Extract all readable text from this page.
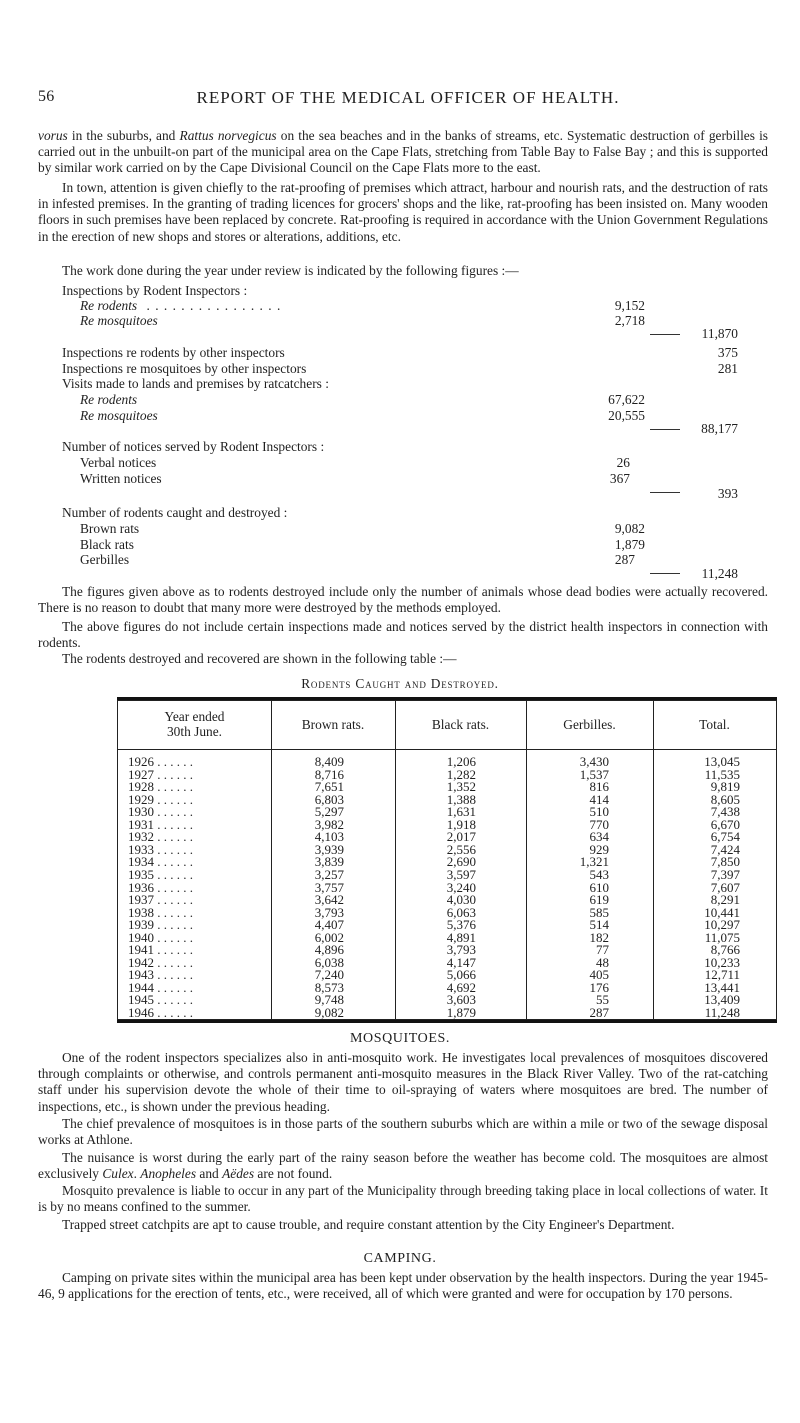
56	REPORT OF THE MEDICAL OFFICER OF HEALTH.

vorus in the suburbs, and Rattus norvegicus on the sea beaches and in the banks of streams, etc. Systematic destruction of gerbilles is carried out in the unbuilt-on part of the municipal area on the Cape Flats, stretching from Table Bay to False Bay ; and this is supported by similar work carried on by the Cape Divisional Council on the Cape Flats more to the east.

In town, attention is given chiefly to the rat-proofing of premises which attract, harbour and nourish rats, and the destruction of rats in infested premises. In the granting of trading licences for grocers' shops and the like, rat-proofing has been insisted on. Many wooden floors in such premises have been replaced by concrete. Rat-proofing is required in accordance with the Union Government Regulations in the erection of new shops and stores or alterations, additions, etc.

The work done during the year under review is indicated by the following figures :—

Inspections by Rodent Inspectors :
Re rodents . . . . . . . . . . . . . . . .	9,152
Re mosquitoes	2,718
11,870
Inspections re rodents by other inspectors	375
Inspections re mosquitoes by other inspectors	281
Visits made to lands and premises by ratcatchers :
Re rodents	67,622
Re mosquitoes	20,555
88,177
Number of notices served by Rodent Inspectors :
Verbal notices	26
Written notices	367
393
Number of rodents caught and destroyed :
Brown rats	9,082
Black rats	1,879
Gerbilles	287
11,248

The figures given above as to rodents destroyed include only the number of animals whose dead bodies were actually recovered. There is no reason to doubt that many more were destroyed by the methods employed.

The above figures do not include certain inspections made and notices served by the district health inspectors in connection with rodents.

The rodents destroyed and recovered are shown in the following table :—

Rodents Caught and Destroyed.
Year ended
30th June.	Brown rats.	Black rats.	Gerbilles.	Total.
1926 . . . . . .	8,409	1,206	3,430	13,045
1927 . . . . . .	8,716	1,282	1,537	11,535
1928 . . . . . .	7,651	1,352	816	9,819
1929 . . . . . .	6,803	1,388	414	8,605
1930 . . . . . .	5,297	1,631	510	7,438
1931 . . . . . .	3,982	1,918	770	6,670
1932 . . . . . .	4,103	2,017	634	6,754
1933 . . . . . .	3,939	2,556	929	7,424
1934 . . . . . .	3,839	2,690	1,321	7,850
1935 . . . . . .	3,257	3,597	543	7,397
1936 . . . . . .	3,757	3,240	610	7,607
1937 . . . . . .	3,642	4,030	619	8,291
1938 . . . . . .	3,793	6,063	585	10,441
1939 . . . . . .	4,407	5,376	514	10,297
1940 . . . . . .	6,002	4,891	182	11,075
1941 . . . . . .	4,896	3,793	77	8,766
1942 . . . . . .	6,038	4,147	48	10,233
1943 . . . . . .	7,240	5,066	405	12,711
1944 . . . . . .	8,573	4,692	176	13,441
1945 . . . . . .	9,748	3,603	55	13,409
1946 . . . . . .	9,082	1,879	287	11,248
MOSQUITOES.

One of the rodent inspectors specializes also in anti-mosquito work. He investigates local prevalences of mosquitoes discovered through complaints or otherwise, and controls permanent anti-mosquito measures in the Black River Valley. Two of the rat-catching staff under his supervision devote the whole of their time to oil-spraying of waters where mosquitoes are bred. The number of inspections, etc., is shown under the previous heading.

The chief prevalence of mosquitoes is in those parts of the southern suburbs which are within a mile or two of the sewage disposal works at Athlone.

The nuisance is worst during the early part of the rainy season before the weather has become cold. The mosquitoes are almost exclusively Culex. Anopheles and Aëdes are not found.

Mosquito prevalence is liable to occur in any part of the Municipality through breeding taking place in local collections of water. It is by no means confined to the summer.

Trapped street catchpits are apt to cause trouble, and require constant attention by the City Engineer's Department.

CAMPING.

Camping on private sites within the municipal area has been kept under observation by the health inspectors. During the year 1945-46, 9 applications for the erection of tents, etc., were received, all of which were granted and were for occupation by 170 persons.
